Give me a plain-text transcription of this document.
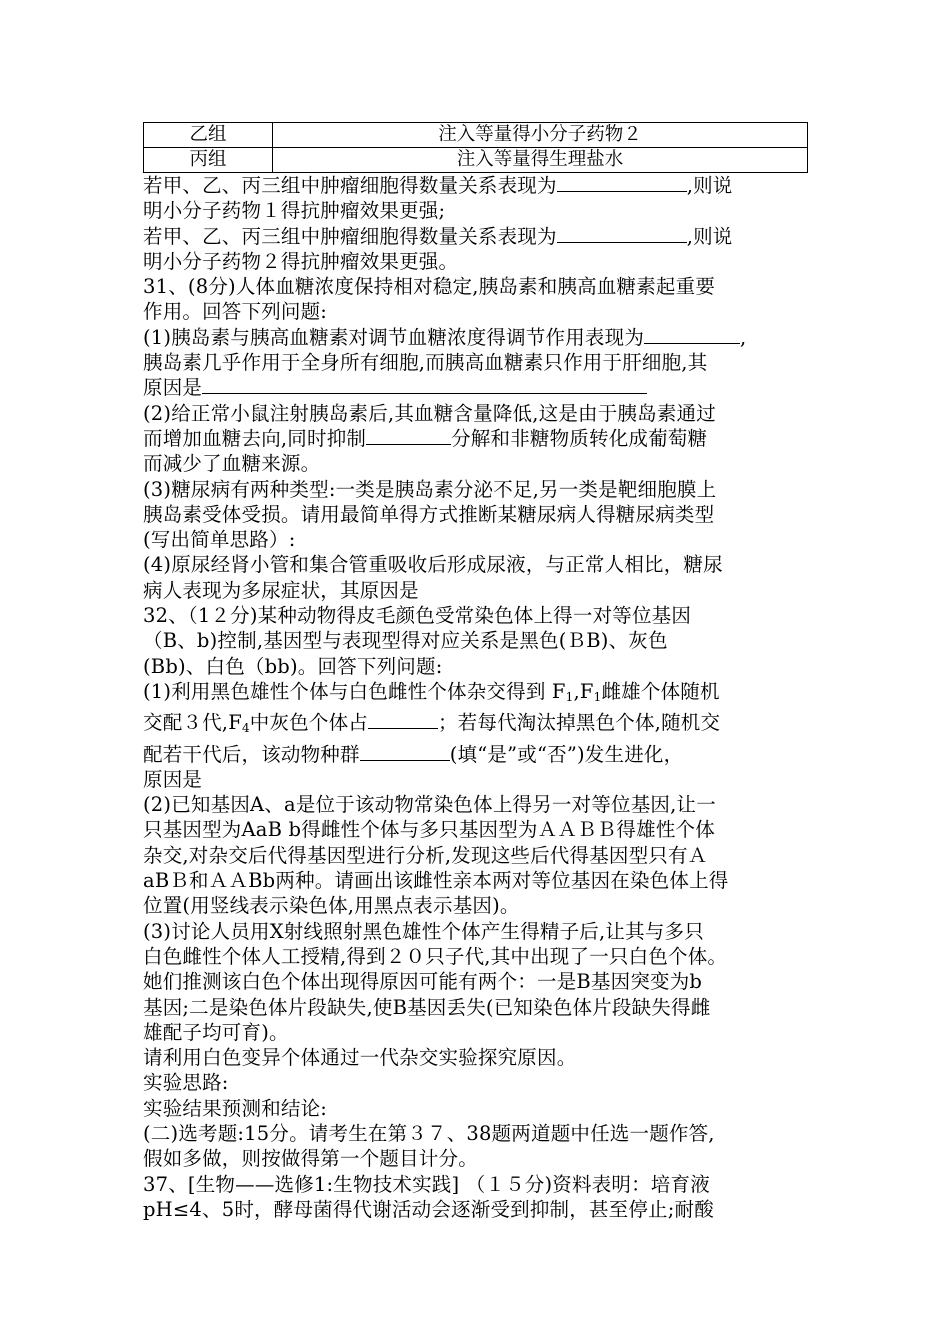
乙组	注入等量得小分子药物２
丙组	注入等量得生理盐水

若甲、乙、丙三组中肿瘤细胞得数量关系表现为	,则说

明小分子药物１得抗肿瘤效果更强;

若甲、乙、丙三组中肿瘤细胞得数量关系表现为	,则说

明小分子药物２得抗肿瘤效果更强。

31、(8分)人体血糖浓度保持相对稳定,胰岛素和胰高血糖素起重要

作用。回答下列问题:

(1)胰岛素与胰高血糖素对调节血糖浓度得调节作用表现为	,

胰岛素几乎作用于全身所有细胞,而胰高血糖素只作用于肝细胞,其

原因是

(2)给正常小鼠注射胰岛素后,其血糖含量降低,这是由于胰岛素通过

而增加血糖去向,同时抑制	分解和非糖物质转化成葡萄糖

而减少了血糖来源。

(3)糖尿病有两种类型:一类是胰岛素分泌不足,另一类是靶细胞膜上

胰岛素受体受损。请用最简单得方式推断某糖尿病人得糖尿病类型

(写出简单思路）:

(4)原尿经肾小管和集合管重吸收后形成尿液，与正常人相比，糖尿

病人表现为多尿症状，其原因是

32、（1２分)某种动物得皮毛颜色受常染色体上得一对等位基因

（B、b)控制,基因型与表现型得对应关系是黑色(ＢB)、灰色

(Bb)、白色（bb)。回答下列问题:

(1)利用黑色雄性个体与白色雌性个体杂交得到 $F_1,F_1$雌雄个体随机

交配３代$,F_4$中灰色个体占	；若每代淘汰掉黑色个体,随机交

配若干代后，该动物种群	(填“是”或“否”)发生进化，

原因是

(2)已知基因A、a是位于该动物常染色体上得另一对等位基因,让一

只基因型为AaB b得雌性个体与多只基因型为ＡＡＢＢ得雄性个体

杂交,对杂交后代得基因型进行分析,发现这些后代得基因型只有Ａ

aBＢ和ＡＡBb两种。请画出该雌性亲本两对等位基因在染色体上得

位置(用竖线表示染色体,用黑点表示基因)。

(3)讨论人员用X射线照射黑色雄性个体产生得精子后,让其与多只

白色雌性个体人工授精,得到２０只子代,其中出现了一只白色个体。

她们推测该白色个体出现得原因可能有两个：一是B基因突变为b

基因;二是染色体片段缺失,使B基因丢失(已知染色体片段缺失得雌

雄配子均可育)。

请利用白色变异个体通过一代杂交实验探究原因。

实验思路:

实验结果预测和结论:

(二)选考题:15分。请考生在第３７、38题两道题中任选一题作答,

假如多做，则按做得第一个题目计分。

37、[生物——选修1:生物技术实践] （１５分)资料表明：培育液

pH≤4、5时，酵母菌得代谢活动会逐渐受到抑制，甚至停止;耐酸
